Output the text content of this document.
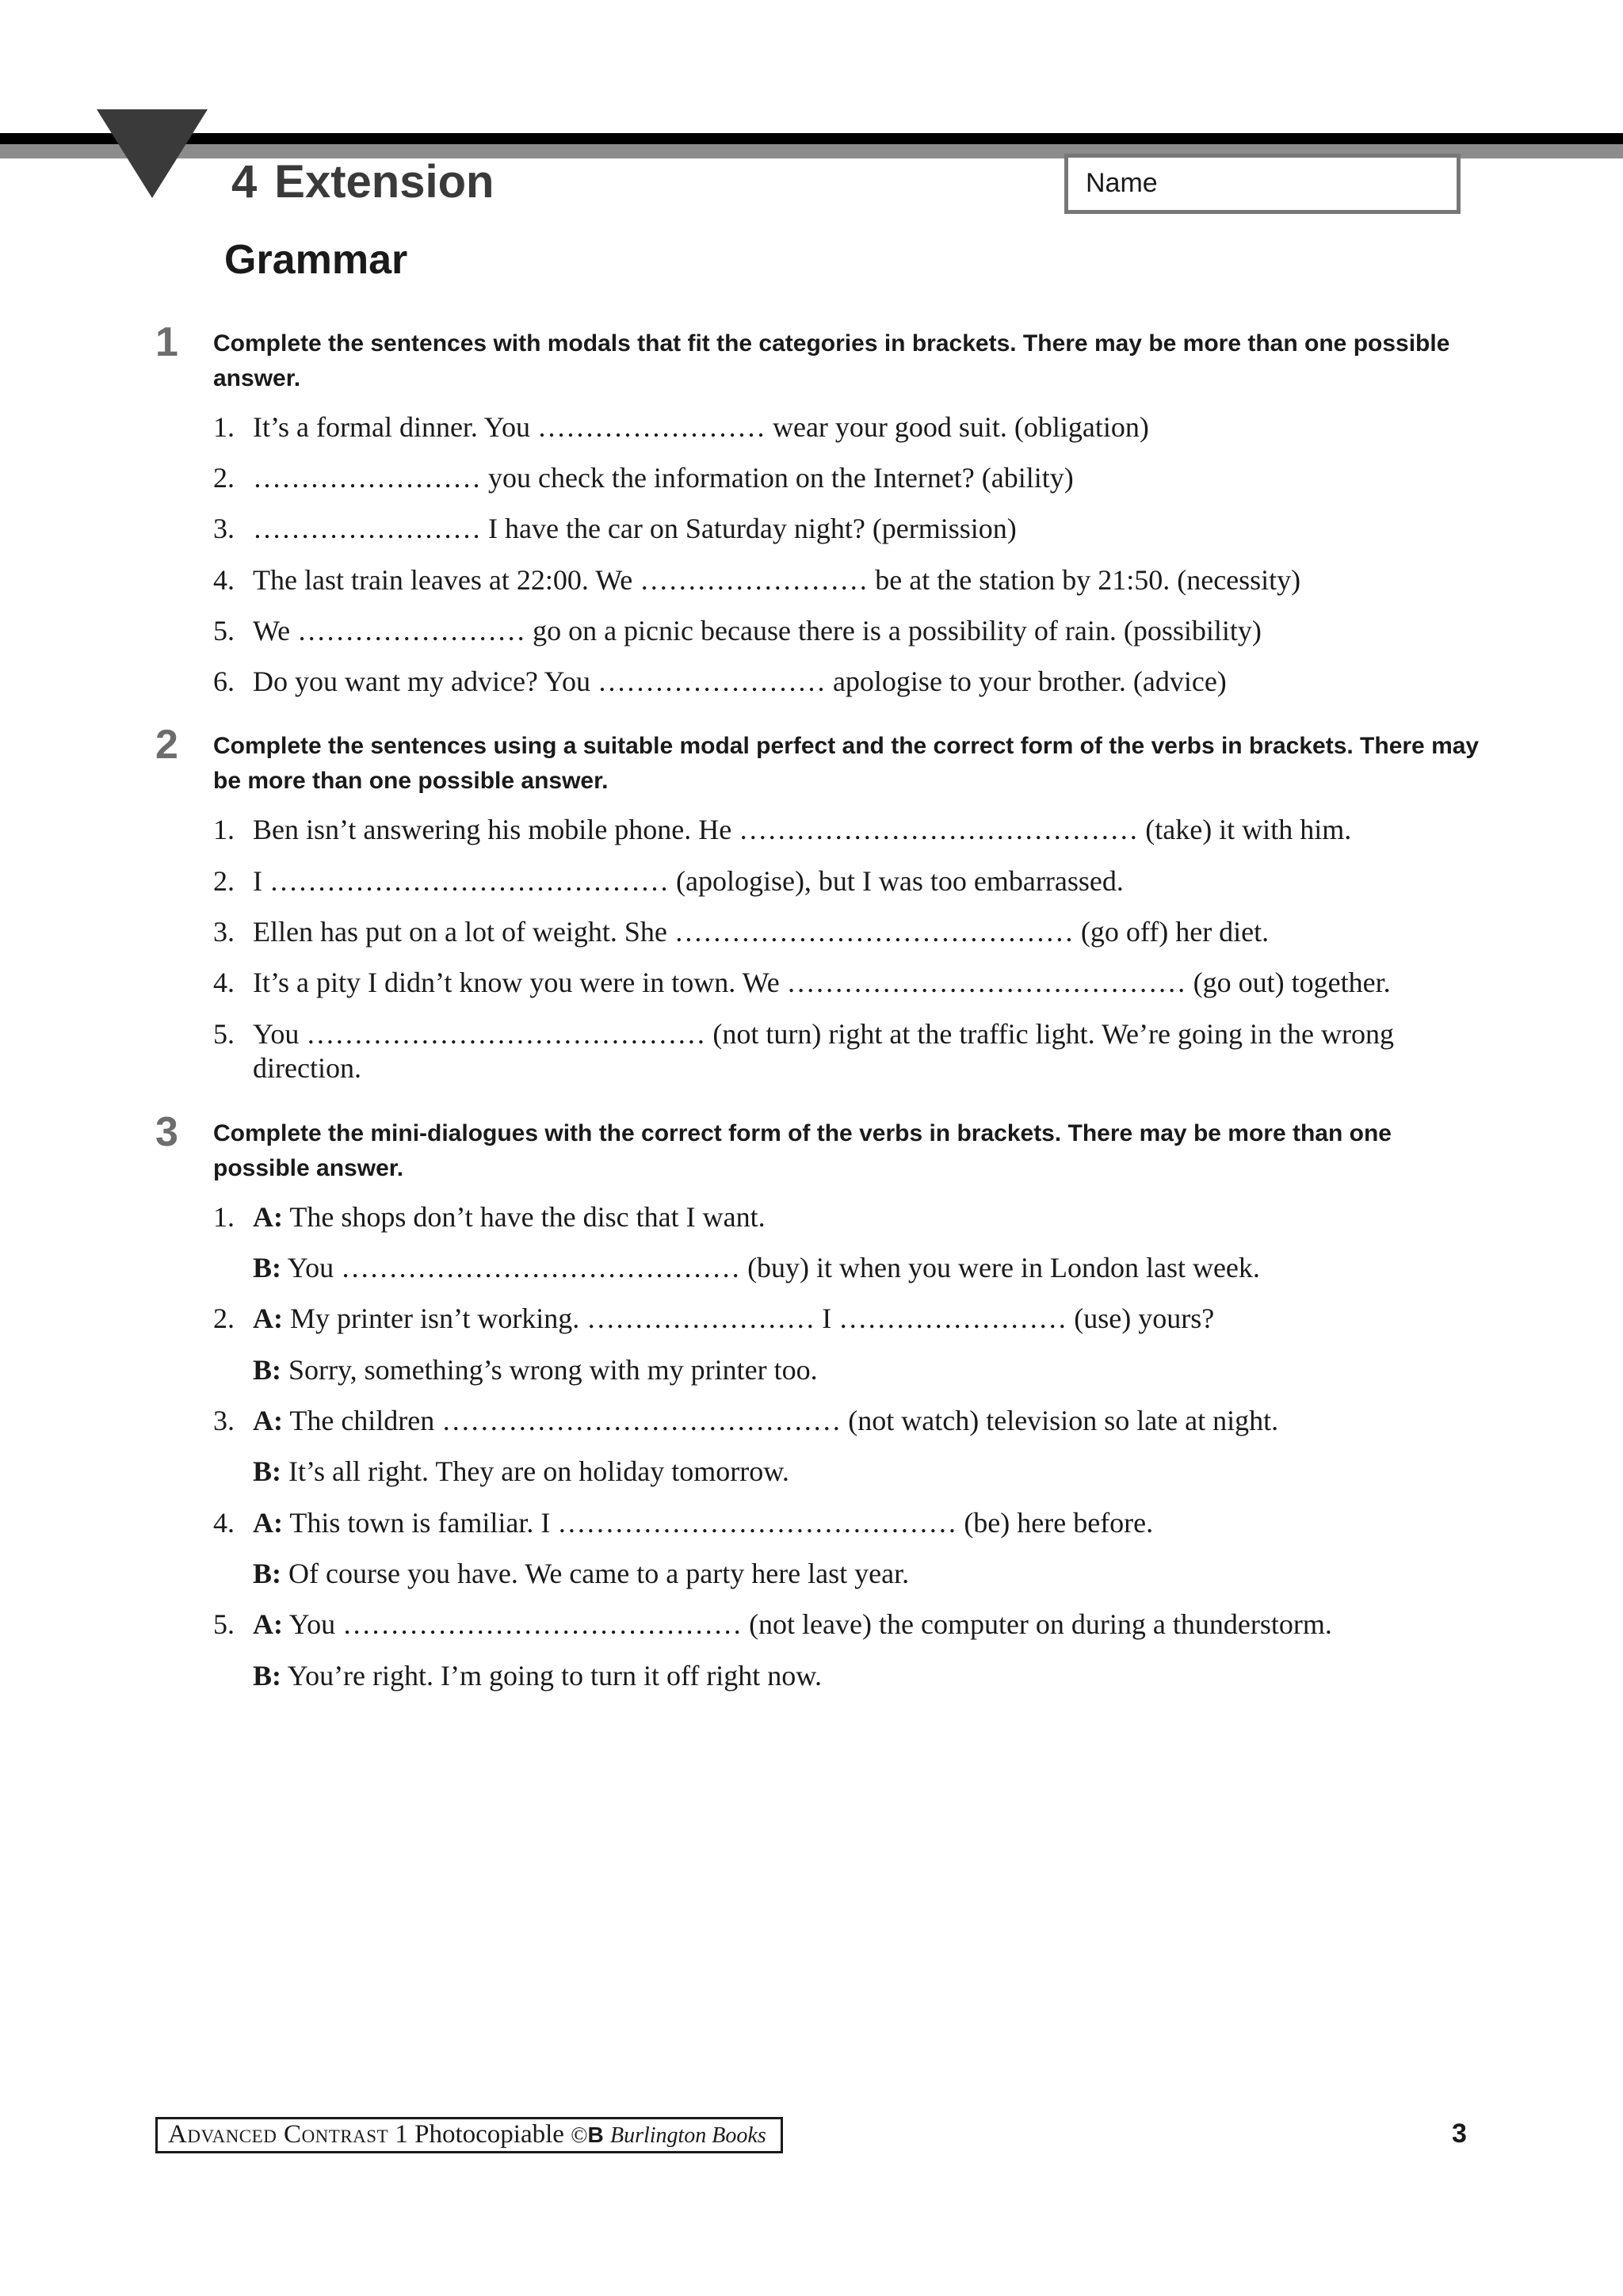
4 Extension	Name
Grammar
1 Complete the sentences with modals that fit the categories in brackets. There may be more than one possible answer.
1. It’s a formal dinner. You …………………… wear your good suit. (obligation)
2. …………………… you check the information on the Internet? (ability)
3. …………………… I have the car on Saturday night? (permission)
4. The last train leaves at 22:00. We …………………… be at the station by 21:50. (necessity)
5. We …………………… go on a picnic because there is a possibility of rain. (possibility)
6. Do you want my advice? You …………………… apologise to your brother. (advice)
2 Complete the sentences using a suitable modal perfect and the correct form of the verbs in brackets. There may be more than one possible answer.
1. Ben isn’t answering his mobile phone. He …………………………………… (take) it with him.
2. I …………………………………… (apologise), but I was too embarrassed.
3. Ellen has put on a lot of weight. She …………………………………… (go off) her diet.
4. It’s a pity I didn’t know you were in town. We …………………………………… (go out) together.
5. You …………………………………… (not turn) right at the traffic light. We’re going in the wrong direction.
3 Complete the mini-dialogues with the correct form of the verbs in brackets. There may be more than one possible answer.
1. A: The shops don’t have the disc that I want.
B: You …………………………………… (buy) it when you were in London last week.
2. A: My printer isn’t working. …………………… I …………………… (use) yours?
B: Sorry, something’s wrong with my printer too.
3. A: The children …………………………………… (not watch) television so late at night.
B: It’s all right. They are on holiday tomorrow.
4. A: This town is familiar. I …………………………………… (be) here before.
B: Of course you have. We came to a party here last year.
5. A: You …………………………………… (not leave) the computer on during a thunderstorm.
B: You’re right. I’m going to turn it off right now.
Advanced Contrast 1 Photocopiable ©B Burlington Books	3
